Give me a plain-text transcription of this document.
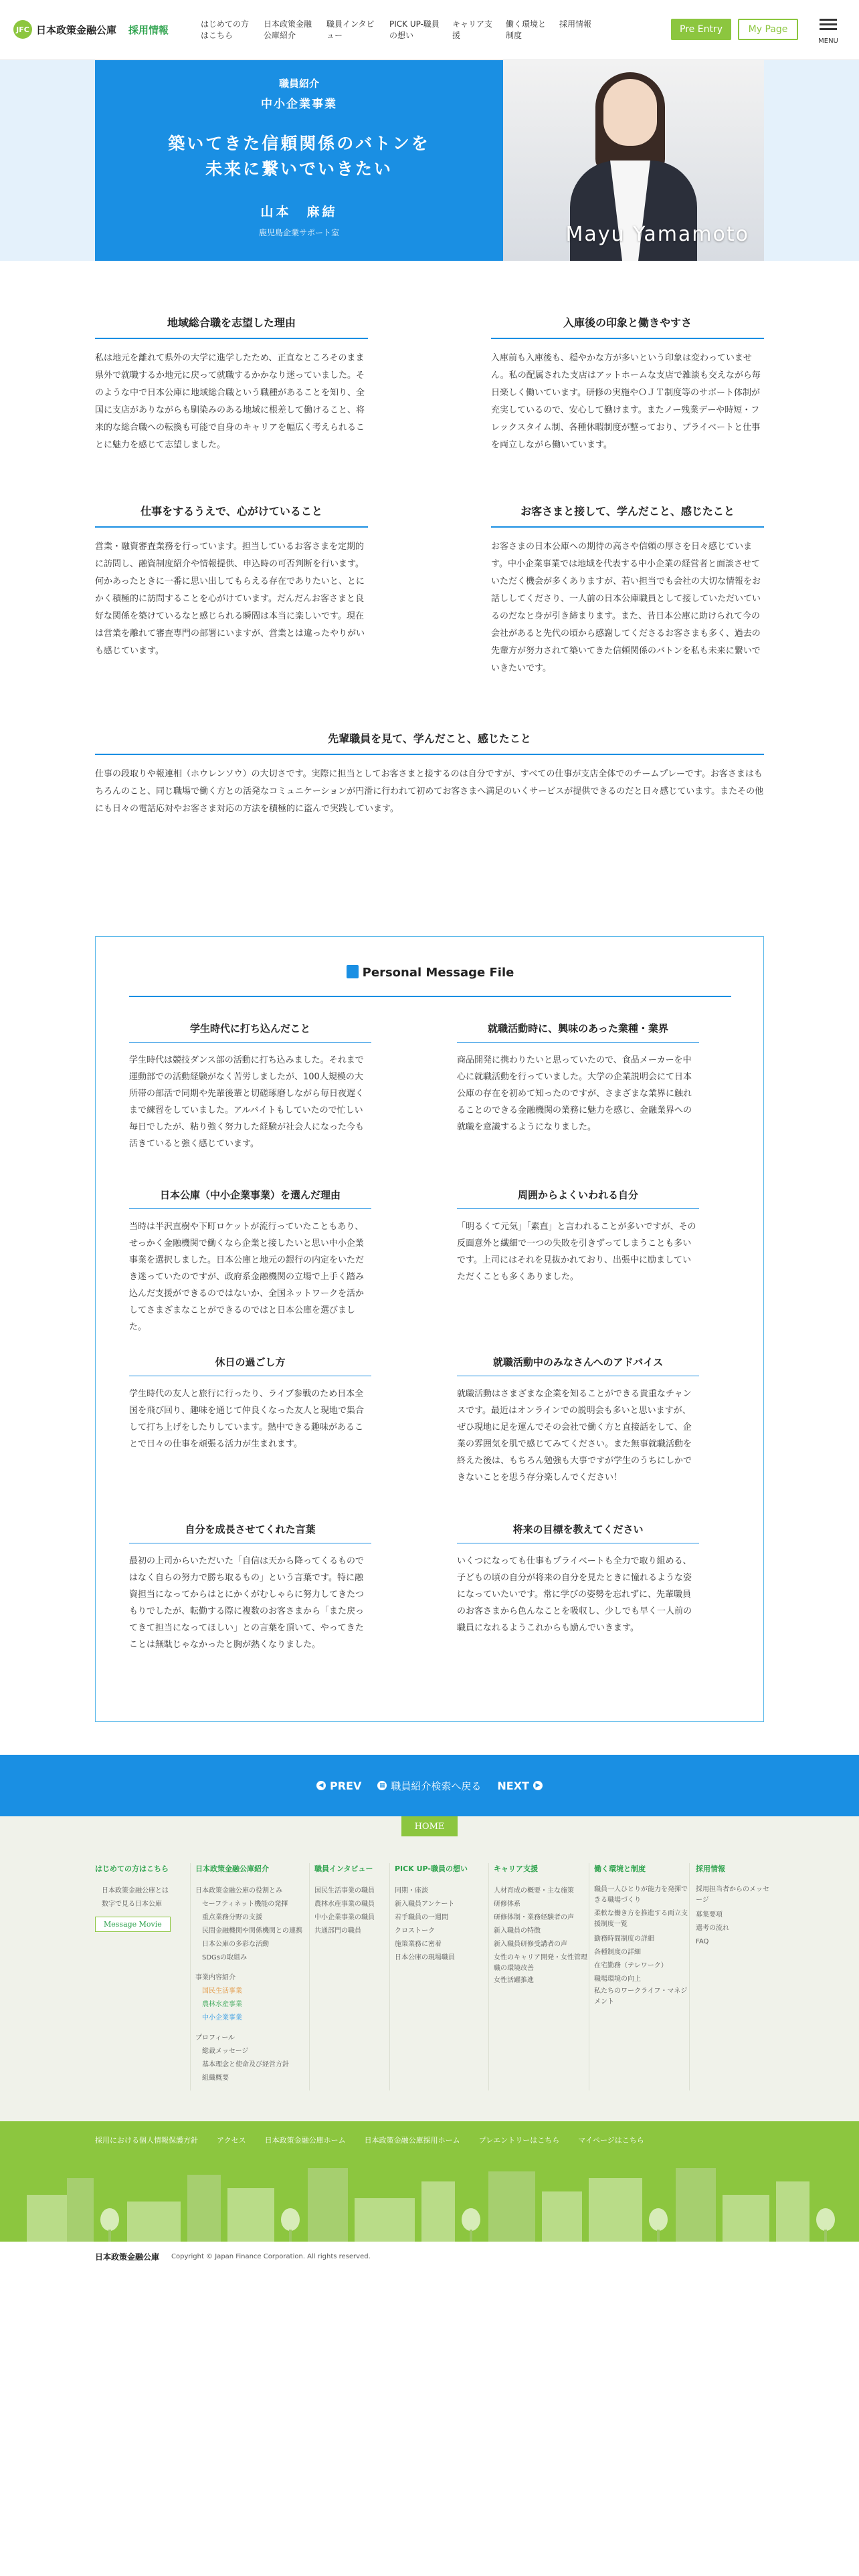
JFC 日本政策金融公庫 採用情報	はじめての方はこちら
日本政策金融公庫紹介
職員インタビュー
PICK UP-職員の想い
キャリア支援
働く環境と制度
採用情報	Pre Entry	My Page
MENU
職員紹介
中小企業事業
築いてきた信頼関係のバトンを
未来に繋いでいきたい
山本　麻結
鹿児島企業サポート室	Mayu Yamamoto
地域総合職を志望した理由

私は地元を離れて県外の大学に進学したため、正直なところそのまま県外で就職するか地元に戻って就職するかかなり迷っていました。そのような中で日本公庫に地域総合職という職種があることを知り、全国に支店がありながらも馴染みのある地域に根差して働けること、将来的な総合職への転換も可能で自身のキャリアを幅広く考えられることに魅力を感じて志望しました。

入庫後の印象と働きやすさ

入庫前も入庫後も、穏やかな方が多いという印象は変わっていません。私の配属された支店はアットホームな支店で雑談も交えながら毎日楽しく働いています。研修の実施やＯＪＴ制度等のサポート体制が充実しているので、安心して働けます。またノー残業デーや時短・フレックスタイム制、各種休暇制度が整っており、プライベートと仕事を両立しながら働いています。

仕事をするうえで、心がけていること

営業・融資審査業務を行っています。担当しているお客さまを定期的に訪問し、融資制度紹介や情報提供、申込時の可否判断を行います。何かあったときに一番に思い出してもらえる存在でありたいと、とにかく積極的に訪問することを心がけています。だんだんお客さまと良好な関係を築けているなと感じられる瞬間は本当に楽しいです。現在は営業を離れて審査専門の部署にいますが、営業とは違ったやりがいも感じています。

お客さまと接して、学んだこと、感じたこと

お客さまの日本公庫への期待の高さや信頼の厚さを日々感じています。中小企業事業では地域を代表する中小企業の経営者と面談させていただく機会が多くありますが、若い担当でも会社の大切な情報をお話ししてくださり、一人前の日本公庫職員として接していただいているのだなと身が引き締まります。また、昔日本公庫に助けられて今の会社があると先代の頃から感謝してくださるお客さまも多く、過去の先輩方が努力されて築いてきた信頼関係のバトンを私も未来に繋いでいきたいです。

先輩職員を見て、学んだこと、感じたこと

仕事の段取りや報連相（ホウレンソウ）の大切さです。実際に担当としてお客さまと接するのは自分ですが、すべての仕事が支店全体でのチームプレーです。お客さまはもちろんのこと、同じ職場で働く方との活発なコミュニケーションが円滑に行われて初めてお客さまへ満足のいくサービスが提供できるのだと日々感じています。またその他にも日々の電話応対やお客さま対応の方法を積極的に盗んで実践しています。

Personal Message File
学生時代に打ち込んだこと

学生時代は競技ダンス部の活動に打ち込みました。それまで運動部での活動経験がなく苦労しましたが、100人規模の大所帯の部活で同期や先輩後輩と切磋琢磨しながら毎日夜遅くまで練習をしていました。アルバイトもしていたので忙しい毎日でしたが、粘り強く努力した経験が社会人になった今も活きていると強く感じています。

就職活動時に、興味のあった業種・業界

商品開発に携わりたいと思っていたので、食品メーカーを中心に就職活動を行っていました。大学の企業説明会にて日本公庫の存在を初めて知ったのですが、さまざまな業界に触れることのできる金融機関の業務に魅力を感じ、金融業界への就職を意識するようになりました。

日本公庫（中小企業事業）を選んだ理由

当時は半沢直樹や下町ロケットが流行っていたこともあり、せっかく金融機関で働くなら企業と接したいと思い中小企業事業を選択しました。日本公庫と地元の銀行の内定をいただき迷っていたのですが、政府系金融機関の立場で上手く踏み込んだ支援ができるのではないか、全国ネットワークを活かしてさまざまなことができるのではと日本公庫を選びました。

周囲からよくいわれる自分

「明るくて元気」「素直」と言われることが多いですが、その反面意外と繊細で一つの失敗を引きずってしまうことも多いです。上司にはそれを見抜かれており、出張中に励ましていただくことも多くありました。

休日の過ごし方

学生時代の友人と旅行に行ったり、ライブ参戦のため日本全国を飛び回り、趣味を通じて仲良くなった友人と現地で集合して打ち上げをしたりしています。熱中できる趣味があることで日々の仕事を頑張る活力が生まれます。

就職活動中のみなさんへのアドバイス

就職活動はさまざまな企業を知ることができる貴重なチャンスです。最近はオンラインでの説明会も多いと思いますが、ぜひ現地に足を運んでその会社で働く方と直接話をして、企業の雰囲気を肌で感じてみてください。また無事就職活動を終えた後は、もちろん勉強も大事ですが学生のうちにしかできないことを思う存分楽しんでください！

自分を成長させてくれた言葉

最初の上司からいただいた「自信は天から降ってくるものではなく自らの努力で勝ち取るもの」という言葉です。特に融資担当になってからはとにかくがむしゃらに努力してきたつもりでしたが、転勤する際に複数のお客さまから「また戻ってきて担当になってほしい」との言葉を頂いて、やってきたことは無駄じゃなかったと胸が熱くなりました。

将来の目標を教えてください

いくつになっても仕事もプライベートも全力で取り組める、子どもの頃の自分が将来の自分を見たときに憧れるような姿になっていたいです。常に学びの姿勢を忘れずに、先輩職員のお客さまから色んなことを吸収し、少しでも早く一人前の職員になれるようこれからも励んでいきます。

◀ PREV	▦ 職員紹介検索へ戻る NEXT	▶
HOME
はじめての方はこちら
日本政策金融公庫とは
数字で見る日本公庫
Message Movie
日本政策金融公庫紹介
日本政策金融公庫の役割とみ
セーフティネット機能の発揮
重点業務分野の支援
民間金融機関や関係機関との連携
日本公庫の多彩な活動
SDGsの取組み
事業内容紹介
国民生活事業
農林水産事業
中小企業事業
プロフィール
総裁メッセージ
基本理念と使命及び経営方針
組織概要
職員インタビュー
国民生活事業の職員
農林水産事業の職員
中小企業事業の職員
共通部門の職員
PICK UP-職員の想い
同期・座談
新入職員アンケート
若手職員の一週間
クロストーク
施策業務に密着
日本公庫の現場職員
キャリア支援
人材育成の概要・主な施策
研修体系
研修体制・業務経験者の声
新入職員の特徴
新入職員研修受講者の声
女性のキャリア開発・女性管理職の環境改善
女性活躍推進
働く環境と制度
職員一人ひとりが能力を発揮できる職場づくり
柔軟な働き方を推進する両立支援制度一覧
勤務時間制度の詳細
各種制度の詳細
在宅勤務（テレワーク）
職場環境の向上
私たちのワークライフ・マネジメント
採用情報
採用担当者からのメッセージ
募集要項
選考の流れ
FAQ
採用における個人情報保護方針	アクセス	日本政策金融公庫ホーム	日本政策金融公庫採用ホーム	プレエントリーはこちら	マイページはこちら
日本政策金融公庫 Copyright © Japan Finance Corporation. All rights reserved.
